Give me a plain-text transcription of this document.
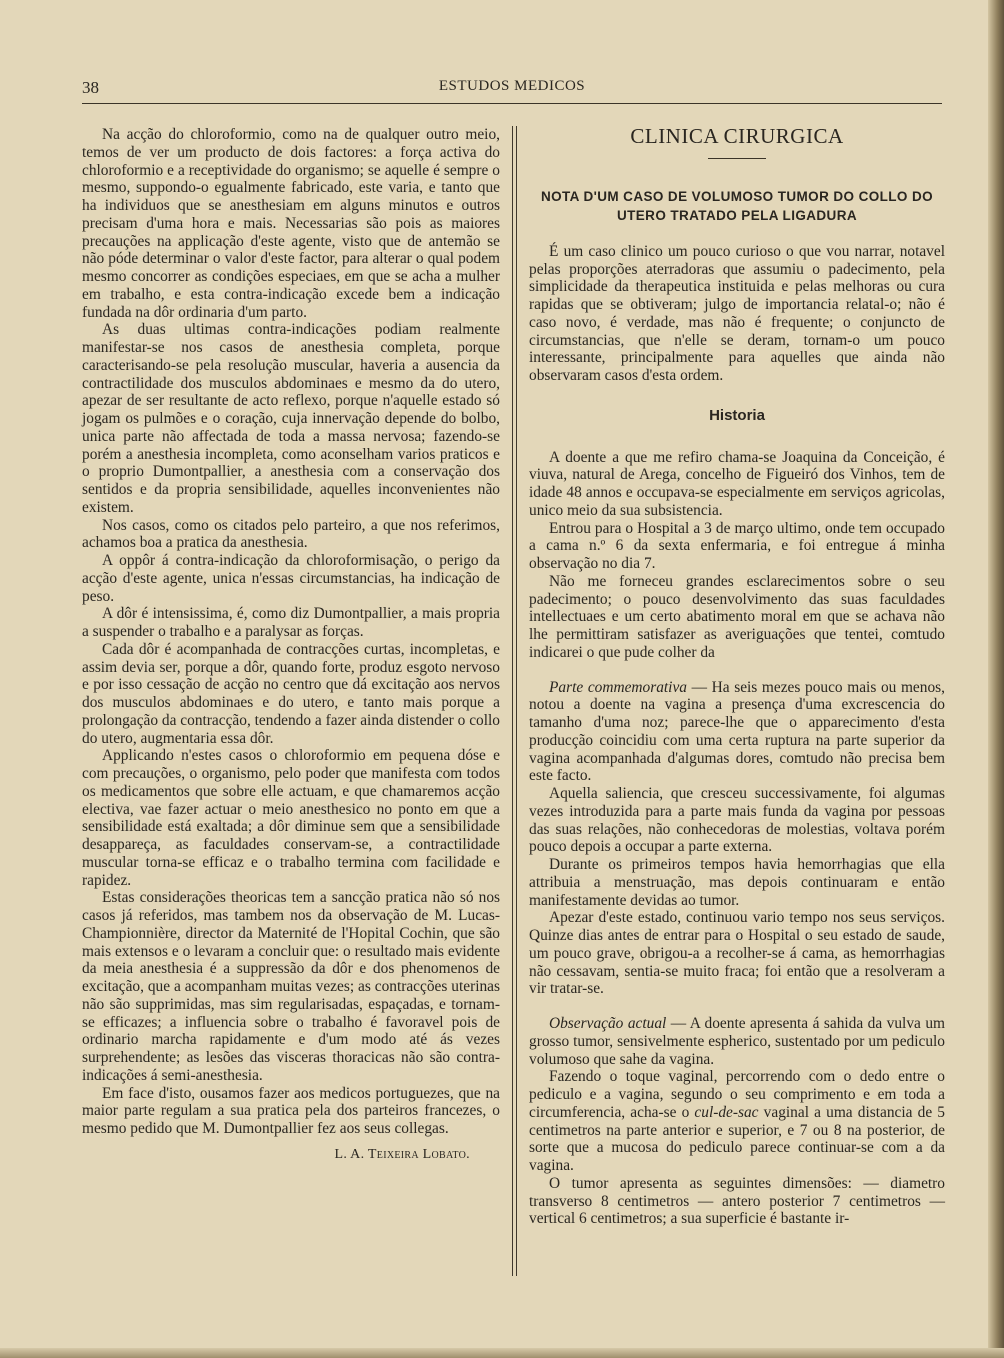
38	ESTUDOS MEDICOS

Na acção do chloroformio, como na de qualquer outro meio, temos de ver um producto de dois factores: a força activa do chloroformio e a receptividade do organismo; se aquelle é sempre o mesmo, suppondo-o egualmente fabricado, este varia, e tanto que ha individuos que se anesthesiam em alguns minutos e outros precisam d'uma hora e mais. Necessarias são pois as maiores precauções na applicação d'este agente, visto que de antemão se não póde determinar o valor d'este factor, para alterar o qual podem mesmo concorrer as condições especiaes, em que se acha a mulher em trabalho, e esta contra-indicação excede bem a indicação fundada na dôr ordinaria d'um parto.

As duas ultimas contra-indicações podiam realmente manifestar-se nos casos de anesthesia completa, porque caracterisando-se pela resolução muscular, haveria a ausencia da contractilidade dos musculos abdominaes e mesmo da do utero, apezar de ser resultante de acto reflexo, porque n'aquelle estado só jogam os pulmões e o coração, cuja innervação depende do bolbo, unica parte não affectada de toda a massa nervosa; fazendo-se porém a anesthesia incompleta, como aconselham varios praticos e o proprio Dumontpallier, a anesthesia com a conservação dos sentidos e da propria sensibilidade, aquelles inconvenientes não existem.

Nos casos, como os citados pelo parteiro, a que nos referimos, achamos boa a pratica da anesthesia.

A oppôr á contra-indicação da chloroformisação, o perigo da acção d'este agente, unica n'essas circumstancias, ha indicação de peso.

A dôr é intensissima, é, como diz Dumontpallier, a mais propria a suspender o trabalho e a paralysar as forças.

Cada dôr é acompanhada de contracções curtas, incompletas, e assim devia ser, porque a dôr, quando forte, produz esgoto nervoso e por isso cessação de acção no centro que dá excitação aos nervos dos musculos abdominaes e do utero, e tanto mais porque a prolongação da contracção, tendendo a fazer ainda distender o collo do utero, augmentaria essa dôr.

Applicando n'estes casos o chloroformio em pequena dóse e com precauções, o organismo, pelo poder que manifesta com todos os medicamentos que sobre elle actuam, e que chamaremos acção electiva, vae fazer actuar o meio anesthesico no ponto em que a sensibilidade está exaltada; a dôr diminue sem que a sensibilidade desappareça, as faculdades conservam-se, a contractilidade muscular torna-se efficaz e o trabalho termina com facilidade e rapidez.

Estas considerações theoricas tem a sancção pratica não só nos casos já referidos, mas tambem nos da observação de M. Lucas-Championnière, director da Maternité de l'Hopital Cochin, que são mais extensos e o levaram a concluir que: o resultado mais evidente da meia anesthesia é a suppressão da dôr e dos phenomenos de excitação, que a acompanham muitas vezes; as contracções uterinas não são supprimidas, mas sim regularisadas, espaçadas, e tornam-se efficazes; a influencia sobre o trabalho é favoravel pois de ordinario marcha rapidamente e d'um modo até ás vezes surprehendente; as lesões das visceras thoracicas não são contra-indicações á semi-anesthesia.

Em face d'isto, ousamos fazer aos medicos portuguezes, que na maior parte regulam a sua pratica pela dos parteiros francezes, o mesmo pedido que M. Dumontpallier fez aos seus collegas.

L. A. Teixeira Lobato.
CLINICA CIRURGICA
NOTA D'UM CASO DE VOLUMOSO TUMOR DO COLLO DO UTERO TRATADO PELA LIGADURA

É um caso clinico um pouco curioso o que vou narrar, notavel pelas proporções aterradoras que assumiu o padecimento, pela simplicidade da therapeutica instituida e pelas melhoras ou cura rapidas que se obtiveram; julgo de importancia relatal-o; não é caso novo, é verdade, mas não é frequente; o conjuncto de circumstancias, que n'elle se deram, tornam-o um pouco interessante, principalmente para aquelles que ainda não observaram casos d'esta ordem.

Historia

A doente a que me refiro chama-se Joaquina da Conceição, é viuva, natural de Arega, concelho de Figueiró dos Vinhos, tem de idade 48 annos e occupava-se especialmente em serviços agricolas, unico meio da sua subsistencia.

Entrou para o Hospital a 3 de março ultimo, onde tem occupado a cama n.º 6 da sexta enfermaria, e foi entregue á minha observação no dia 7.

Não me forneceu grandes esclarecimentos sobre o seu padecimento; o pouco desenvolvimento das suas faculdades intellectuaes e um certo abatimento moral em que se achava não lhe permittiram satisfazer as averiguações que tentei, comtudo indicarei o que pude colher da

Parte commemorativa — Ha seis mezes pouco mais ou menos, notou a doente na vagina a presença d'uma excrescencia do tamanho d'uma noz; parece-lhe que o apparecimento d'esta producção coincidiu com uma certa ruptura na parte superior da vagina acompanhada d'algumas dores, comtudo não precisa bem este facto.

Aquella saliencia, que cresceu successivamente, foi algumas vezes introduzida para a parte mais funda da vagina por pessoas das suas relações, não conhecedoras de molestias, voltava porém pouco depois a occupar a parte externa.

Durante os primeiros tempos havia hemorrhagias que ella attribuia a menstruação, mas depois continuaram e então manifestamente devidas ao tumor.

Apezar d'este estado, continuou vario tempo nos seus serviços. Quinze dias antes de entrar para o Hospital o seu estado de saude, um pouco grave, obrigou-a a recolher-se á cama, as hemorrhagias não cessavam, sentia-se muito fraca; foi então que a resolveram a vir tratar-se.

Observação actual — A doente apresenta á sahida da vulva um grosso tumor, sensivelmente espherico, sustentado por um pediculo volumoso que sahe da vagina.

Fazendo o toque vaginal, percorrendo com o dedo entre o pediculo e a vagina, segundo o seu comprimento e em toda a circumferencia, acha-se o cul-de-sac vaginal a uma distancia de 5 centimetros na parte anterior e superior, e 7 ou 8 na posterior, de sorte que a mucosa do pediculo parece continuar-se com a da vagina.

O tumor apresenta as seguintes dimensões: — diametro transverso 8 centimetros — antero posterior 7 centimetros — vertical 6 centimetros; a sua superficie é bastante ir-
